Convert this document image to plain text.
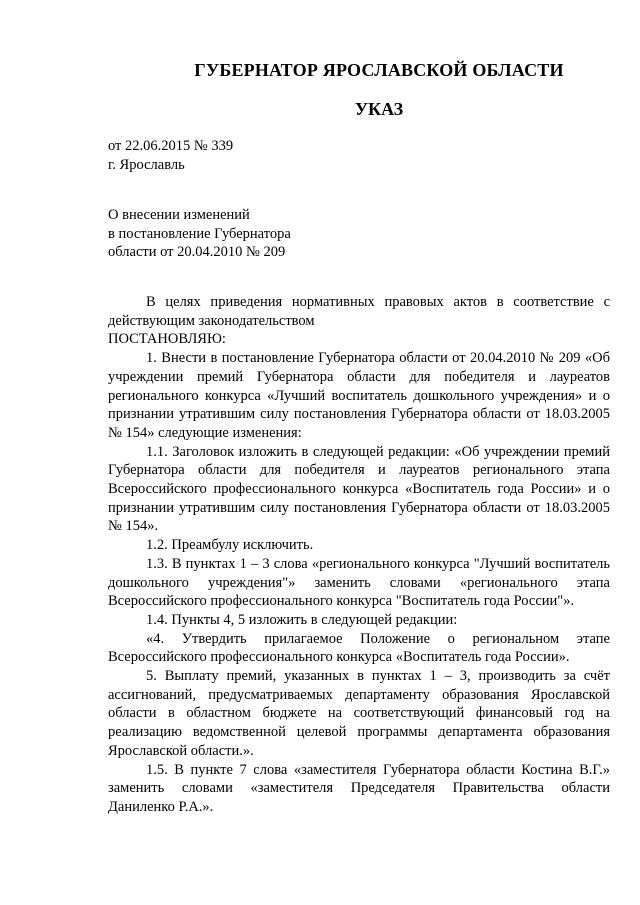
ГУБЕРНАТОР ЯРОСЛАВСКОЙ ОБЛАСТИ
УКАЗ
от 22.06.2015 № 339
г. Ярославль
О внесении изменений
в постановление Губернатора
области от 20.04.2010 № 209

В целях приведения нормативных правовых актов в соответствие с действующим законодательством

ПОСТАНОВЛЯЮ:

1. Внести в постановление Губернатора области от 20.04.2010 № 209 «Об учреждении премий Губернатора области для победителя и лауреатов регионального конкурса «Лучший воспитатель дошкольного учреждения» и о признании утратившим силу постановления Губернатора области от 18.03.2005 № 154» следующие изменения:

1.1. Заголовок изложить в следующей редакции: «Об учреждении премий Губернатора области для победителя и лауреатов регионального этапа Всероссийского профессионального конкурса «Воспитатель года России» и о признании утратившим силу постановления Губернатора области от 18.03.2005 № 154».

1.2. Преамбулу исключить.

1.3. В пунктах 1 – 3 слова «регионального конкурса "Лучший воспитатель дошкольного учреждения"» заменить словами «регионального этапа Всероссийского профессионального конкурса "Воспитатель года России"».

1.4. Пункты 4, 5 изложить в следующей редакции:

«4. Утвердить прилагаемое Положение о региональном этапе Всероссийского профессионального конкурса «Воспитатель года России».

5. Выплату премий, указанных в пунктах 1 – 3, производить за счёт ассигнований, предусматриваемых департаменту образования Ярославской области в областном бюджете на соответствующий финансовый год на реализацию ведомственной целевой программы департамента образования Ярославской области.».

1.5. В пункте 7 слова «заместителя Губернатора области Костина В.Г.» заменить словами «заместителя Председателя Правительства области Даниленко Р.А.».
